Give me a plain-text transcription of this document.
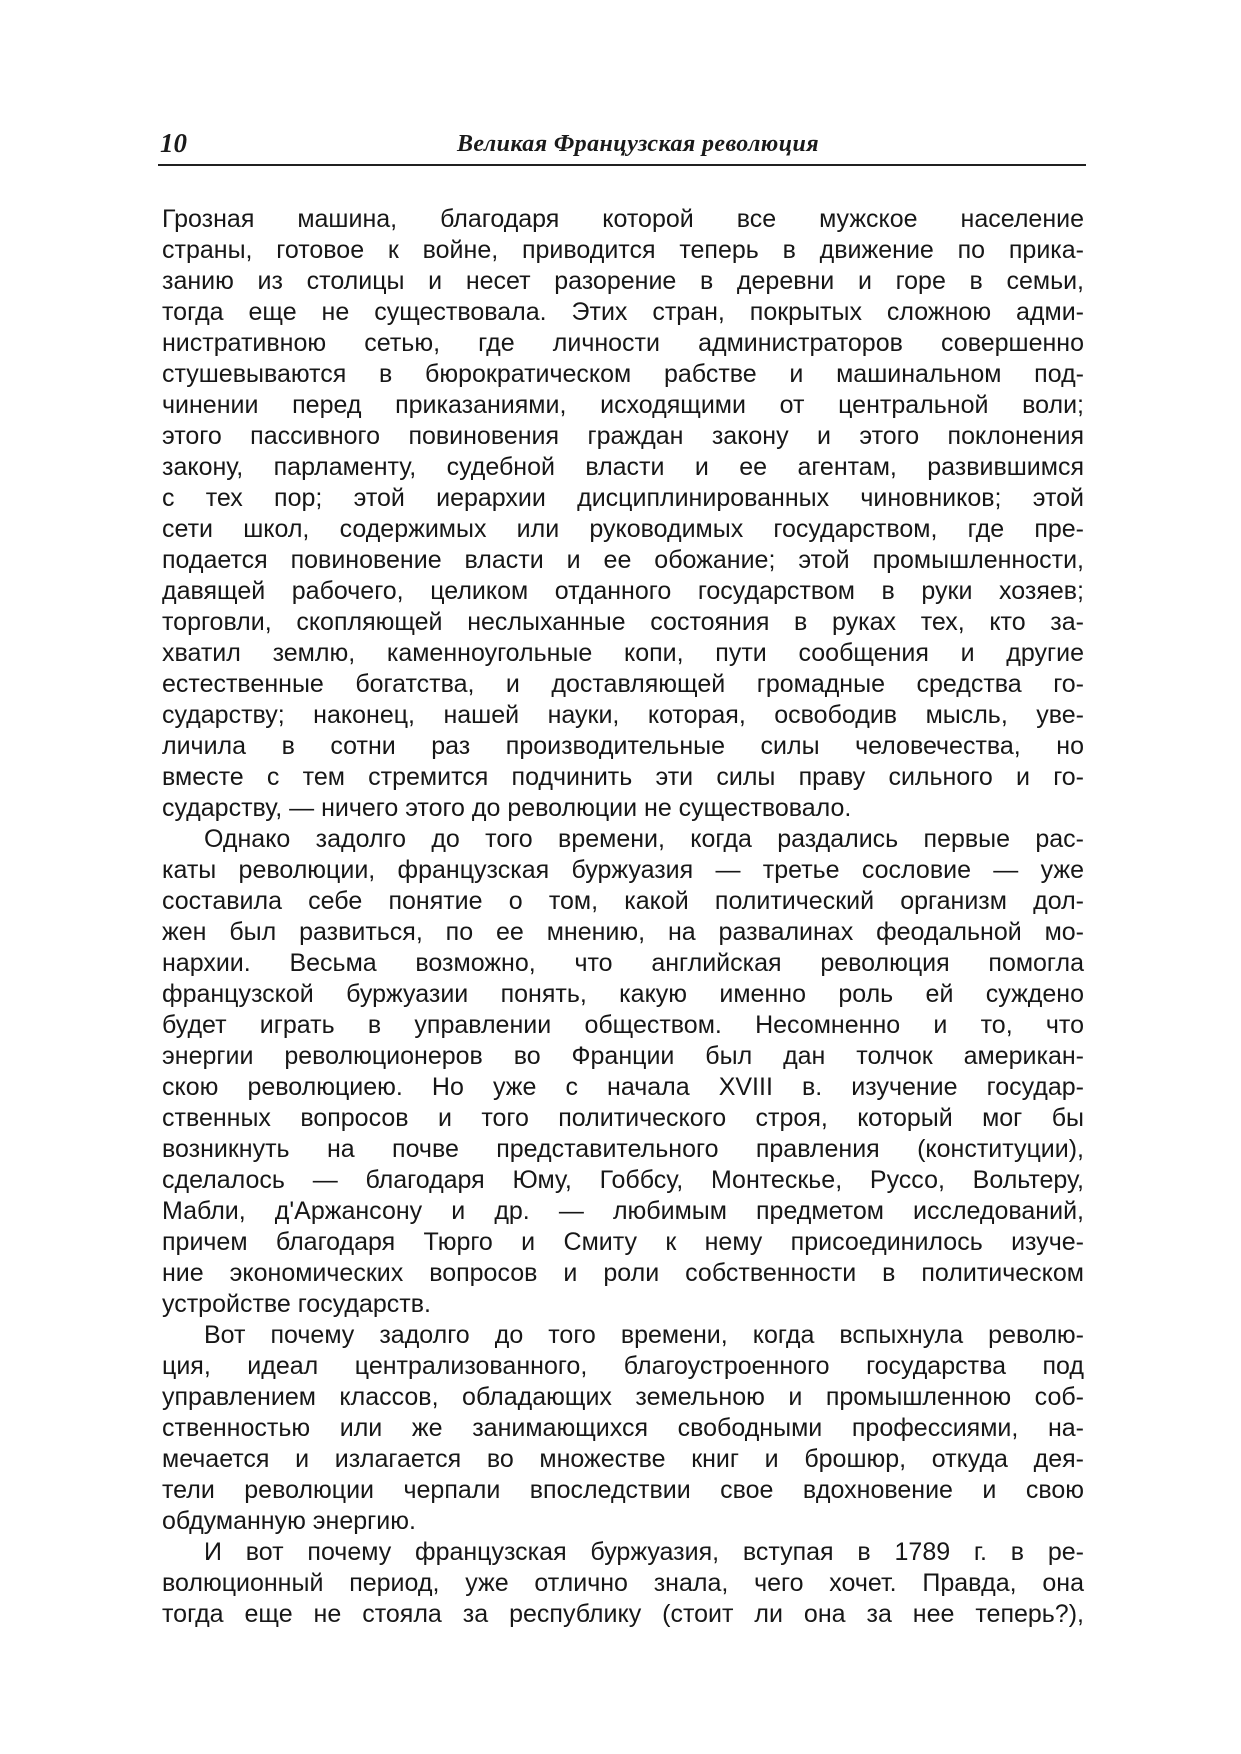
10	Великая Французская революция
Грозная машина, благодаря которой все мужское население
страны, готовое к войне, приводится теперь в движение по прика-
занию из столицы и несет разорение в деревни и горе в семьи,
тогда еще не существовала. Этих стран, покрытых сложною адми-
нистративною сетью, где личности администраторов совершенно
стушевываются в бюрократическом рабстве и машинальном под-
чинении перед приказаниями, исходящими от центральной воли;
этого пассивного повиновения граждан закону и этого поклонения
закону, парламенту, судебной власти и ее агентам, развившимся
с тех пор; этой иерархии дисциплинированных чиновников; этой
сети школ, содержимых или руководимых государством, где пре-
подается повиновение власти и ее обожание; этой промышленности,
давящей рабочего, целиком отданного государством в руки хозяев;
торговли, скопляющей неслыханные состояния в руках тех, кто за-
хватил землю, каменноугольные копи, пути сообщения и другие
естественные богатства, и доставляющей громадные средства го-
сударству; наконец, нашей науки, которая, освободив мысль, уве-
личила в сотни раз производительные силы человечества, но
вместе с тем стремится подчинить эти силы праву сильного и го-
сударству, — ничего этого до революции не существовало.
Однако задолго до того времени, когда раздались первые рас-
каты революции, французская буржуазия — третье сословие — уже
составила себе понятие о том, какой политический организм дол-
жен был развиться, по ее мнению, на развалинах феодальной мо-
нархии. Весьма возможно, что английская революция помогла
французской буржуазии понять, какую именно роль ей суждено
будет играть в управлении обществом. Несомненно и то, что
энергии революционеров во Франции был дан толчок американ-
скою революциею. Но уже с начала XVIII в. изучение государ-
ственных вопросов и того политического строя, который мог бы
возникнуть на почве представительного правления (конституции),
сделалось — благодаря Юму, Гоббсу, Монтескье, Руссо, Вольтеру,
Мабли, д'Аржансону и др. — любимым предметом исследований,
причем благодаря Тюрго и Смиту к нему присоединилось изуче-
ние экономических вопросов и роли собственности в политическом
устройстве государств.
Вот почему задолго до того времени, когда вспыхнула револю-
ция, идеал централизованного, благоустроенного государства под
управлением классов, обладающих земельною и промышленною соб-
ственностью или же занимающихся свободными профессиями, на-
мечается и излагается во множестве книг и брошюр, откуда дея-
тели революции черпали впоследствии свое вдохновение и свою
обдуманную энергию.
И вот почему французская буржуазия, вступая в 1789 г. в ре-
волюционный период, уже отлично знала, чего хочет. Правда, она
тогда еще не стояла за республику (стоит ли она за нее теперь?),
